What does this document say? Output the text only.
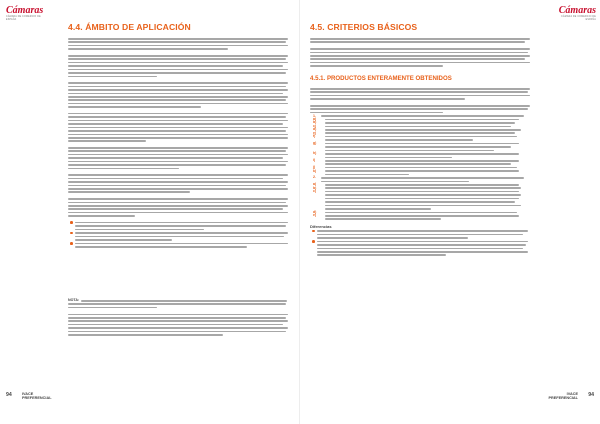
Cámaras
CÁMARA DE COMERCIO DE ESPAÑA
4.4. ÁMBITO DE APLICACIÓN
NOTA:
94	IVACE
PREFERENCIAL
Cámaras
CÁMARA DE COMERCIO DE ESPAÑA
4.5. CRITERIOS BÁSICOS
4.5.1. PRODUCTOS ENTERAMENTE OBTENIDOS
1.
a)
b)
c)
d)
e)
f)
g)
h)
i)
j)
k)
2.
a)
b)
c)
d)
e)
Diferencias
94
IVACE
PREFERENCIAL
